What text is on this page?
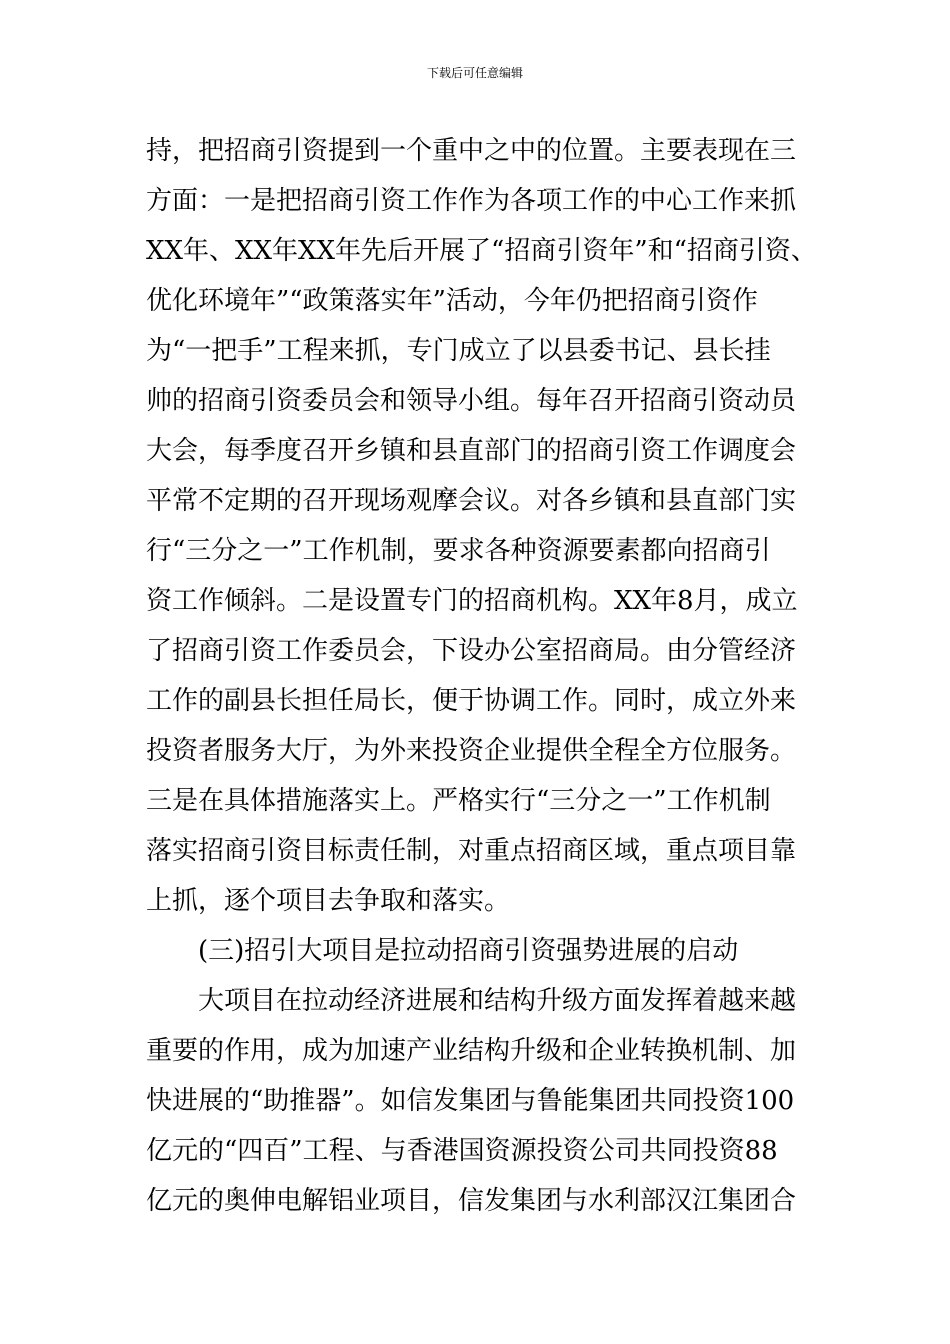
下载后可任意编辑
持，把招商引资提到一个重中之中的位置。主要表现在三
方面：一是把招商引资工作作为各项工作的中心工作来抓
XX年、XX年XX年先后开展了“招商引资年”和“招商引资、
优化环境年”“政策落实年”活动，今年仍把招商引资作
为“一把手”工程来抓，专门成立了以县委书记、县长挂
帅的招商引资委员会和领导小组。每年召开招商引资动员
大会，每季度召开乡镇和县直部门的招商引资工作调度会
平常不定期的召开现场观摩会议。对各乡镇和县直部门实
行“三分之一”工作机制，要求各种资源要素都向招商引
资工作倾斜。二是设置专门的招商机构。XX年8月，成立
了招商引资工作委员会，下设办公室招商局。由分管经济
工作的副县长担任局长，便于协调工作。同时，成立外来
投资者服务大厅，为外来投资企业提供全程全方位服务。
三是在具体措施落实上。严格实行“三分之一”工作机制
落实招商引资目标责任制，对重点招商区域，重点项目靠
上抓，逐个项目去争取和落实。
(三)招引大项目是拉动招商引资强势进展的启动
大项目在拉动经济进展和结构升级方面发挥着越来越
重要的作用，成为加速产业结构升级和企业转换机制、加
快进展的“助推器”。如信发集团与鲁能集团共同投资100
亿元的“四百”工程、与香港国资源投资公司共同投资88
亿元的奥伸电解铝业项目，信发集团与水利部汉江集团合
